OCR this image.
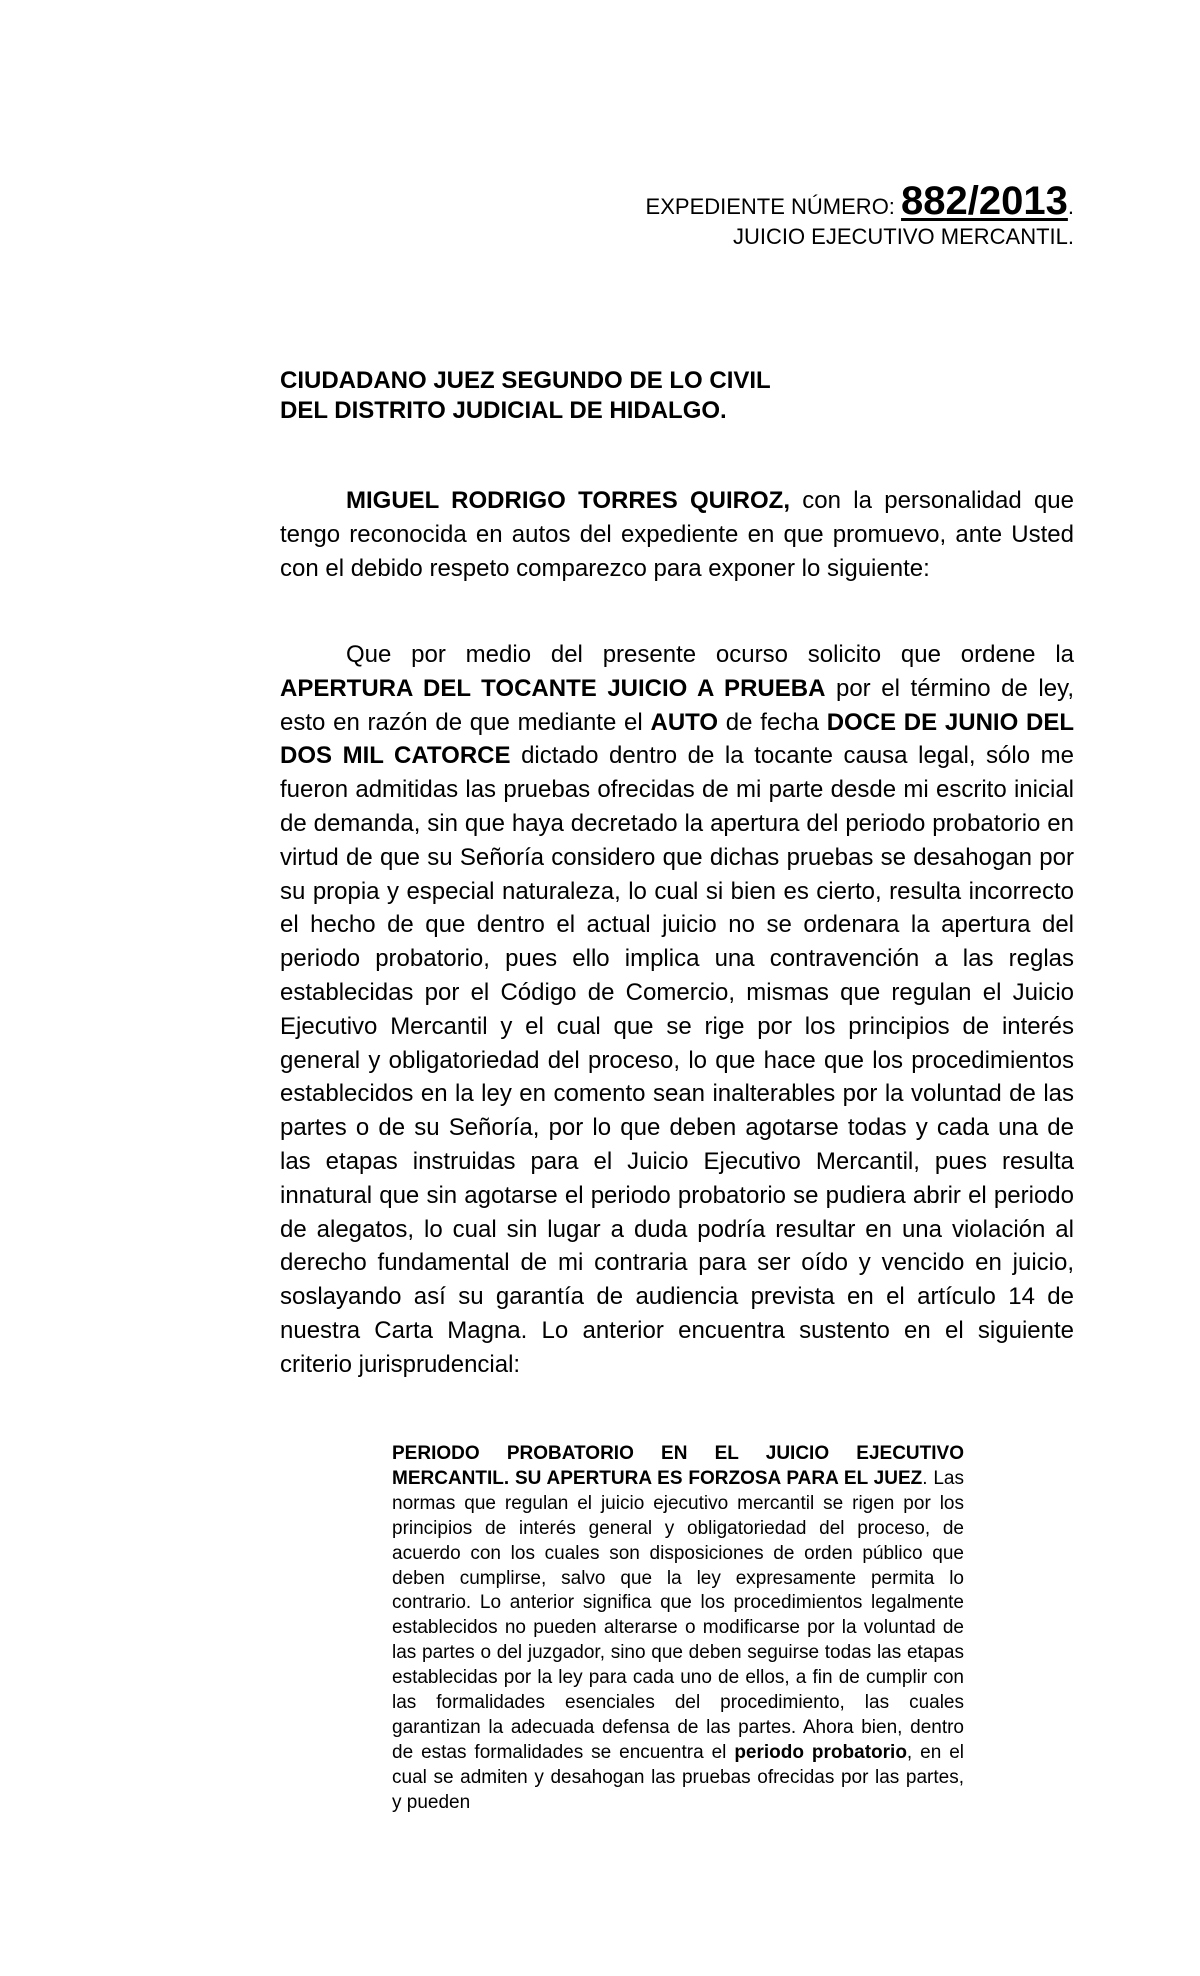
EXPEDIENTE NÚMERO: 882/2013.
JUICIO EJECUTIVO MERCANTIL.
CIUDADANO JUEZ SEGUNDO DE LO CIVIL
DEL DISTRITO JUDICIAL DE HIDALGO.
MIGUEL RODRIGO TORRES QUIROZ, con la personalidad que tengo reconocida en autos del expediente en que promuevo, ante Usted con el debido respeto comparezco para exponer lo siguiente:
Que por medio del presente ocurso solicito que ordene la APERTURA DEL TOCANTE JUICIO A PRUEBA por el término de ley, esto en razón de que mediante el AUTO de fecha DOCE DE JUNIO DEL DOS MIL CATORCE dictado dentro de la tocante causa legal, sólo me fueron admitidas las pruebas ofrecidas de mi parte desde mi escrito inicial de demanda, sin que haya decretado la apertura del periodo probatorio en virtud de que su Señoría considero que dichas pruebas se desahogan por su propia y especial naturaleza, lo cual si bien es cierto, resulta incorrecto el hecho de que dentro el actual juicio no se ordenara la apertura del periodo probatorio, pues ello implica una contravención a las reglas establecidas por el Código de Comercio, mismas que regulan el Juicio Ejecutivo Mercantil y el cual que se rige por los principios de interés general y obligatoriedad del proceso, lo que hace que los procedimientos establecidos en la ley en comento sean inalterables por la voluntad de las partes o de su Señoría, por lo que deben agotarse todas y cada una de las etapas instruidas para el Juicio Ejecutivo Mercantil, pues resulta innatural que sin agotarse el periodo probatorio se pudiera abrir el periodo de alegatos, lo cual sin lugar a duda podría resultar en una violación al derecho fundamental de mi contraria para ser oído y vencido en juicio, soslayando así su garantía de audiencia prevista en el artículo 14 de nuestra Carta Magna. Lo anterior encuentra sustento en el siguiente criterio jurisprudencial:
PERIODO PROBATORIO EN EL JUICIO EJECUTIVO MERCANTIL. SU APERTURA ES FORZOSA PARA EL JUEZ. Las normas que regulan el juicio ejecutivo mercantil se rigen por los principios de interés general y obligatoriedad del proceso, de acuerdo con los cuales son disposiciones de orden público que deben cumplirse, salvo que la ley expresamente permita lo contrario. Lo anterior significa que los procedimientos legalmente establecidos no pueden alterarse o modificarse por la voluntad de las partes o del juzgador, sino que deben seguirse todas las etapas establecidas por la ley para cada uno de ellos, a fin de cumplir con las formalidades esenciales del procedimiento, las cuales garantizan la adecuada defensa de las partes. Ahora bien, dentro de estas formalidades se encuentra el periodo probatorio, en el cual se admiten y desahogan las pruebas ofrecidas por las partes, y pueden
